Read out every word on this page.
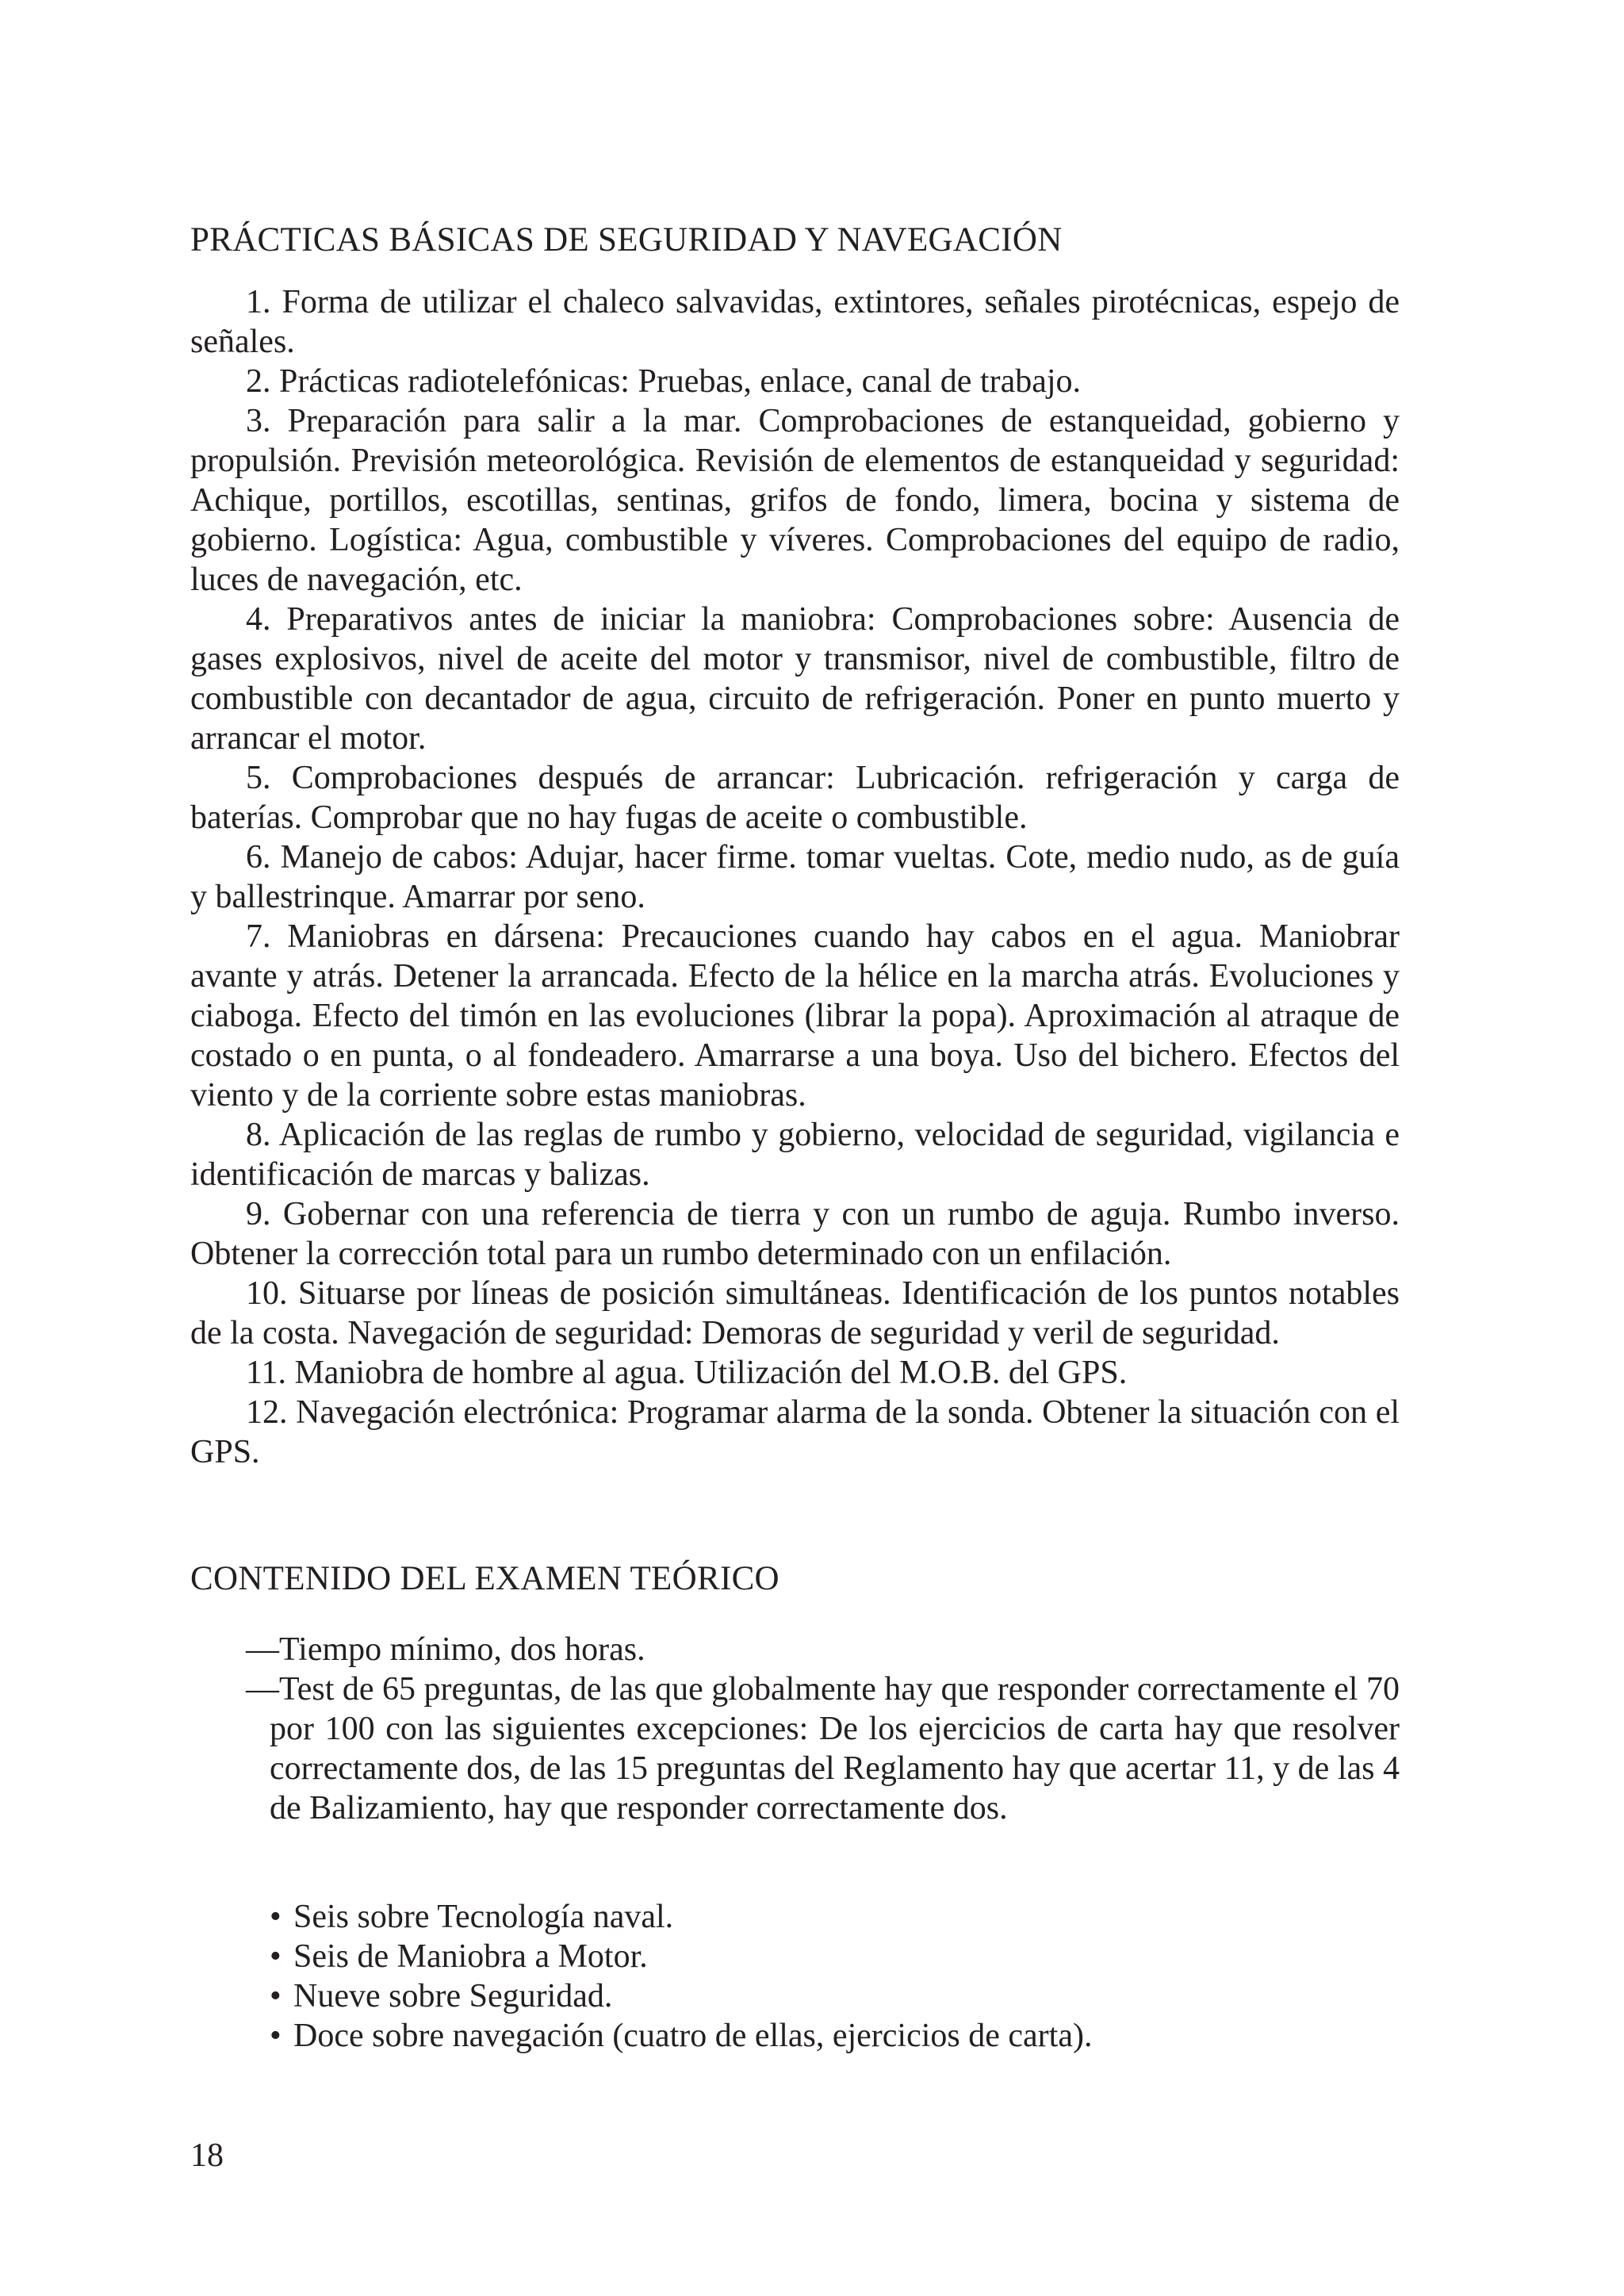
PRÁCTICAS BÁSICAS DE SEGURIDAD Y NAVEGACIÓN

1. Forma de utilizar el chaleco salvavidas, extintores, señales pirotécnicas, espejo de señales.

2. Prácticas radiotelefónicas: Pruebas, enlace, canal de trabajo.

3. Preparación para salir a la mar. Comprobaciones de estanqueidad, gobierno y propulsión. Previsión meteorológica. Revisión de elementos de estanqueidad y seguridad: Achique, portillos, escotillas, sentinas, grifos de fondo, limera, bocina y sistema de gobierno. Logística: Agua, combustible y víveres. Comprobaciones del equipo de radio, luces de navegación, etc.

4. Preparativos antes de iniciar la maniobra: Comprobaciones sobre: Ausencia de gases explosivos, nivel de aceite del motor y transmisor, nivel de combustible, filtro de combustible con decantador de agua, circuito de refrigeración. Poner en punto muerto y arrancar el motor.

5. Comprobaciones después de arrancar: Lubricación. refrigeración y carga de baterías. Comprobar que no hay fugas de aceite o combustible.

6. Manejo de cabos: Adujar, hacer firme. tomar vueltas. Cote, medio nudo, as de guía y ballestrinque. Amarrar por seno.

7. Maniobras en dársena: Precauciones cuando hay cabos en el agua. Maniobrar avante y atrás. Detener la arrancada. Efecto de la hélice en la marcha atrás. Evoluciones y ciaboga. Efecto del timón en las evoluciones (librar la popa). Aproximación al atraque de costado o en punta, o al fondeadero. Amarrarse a una boya. Uso del bichero. Efectos del viento y de la corriente sobre estas maniobras.

8. Aplicación de las reglas de rumbo y gobierno, velocidad de seguridad, vigilancia e identificación de marcas y balizas.

9. Gobernar con una referencia de tierra y con un rumbo de aguja. Rumbo inverso. Obtener la corrección total para un rumbo determinado con un enfilación.

10. Situarse por líneas de posición simultáneas. Identificación de los puntos notables de la costa. Navegación de seguridad: Demoras de seguridad y veril de seguridad.

11. Maniobra de hombre al agua. Utilización del M.O.B. del GPS.

12. Navegación electrónica: Programar alarma de la sonda. Obtener la situación con el GPS.

CONTENIDO DEL EXAMEN TEÓRICO

—Tiempo mínimo, dos horas.

—Test de 65 preguntas, de las que globalmente hay que responder correctamente el 70 por 100 con las siguientes excepciones: De los ejercicios de carta hay que resolver correctamente dos, de las 15 preguntas del Reglamento hay que acertar 11, y de las 4 de Balizamiento, hay que responder correctamente dos.

• Seis sobre Tecnología naval.
• Seis de Maniobra a Motor.
• Nueve sobre Seguridad.
• Doce sobre navegación (cuatro de ellas, ejercicios de carta).
18
